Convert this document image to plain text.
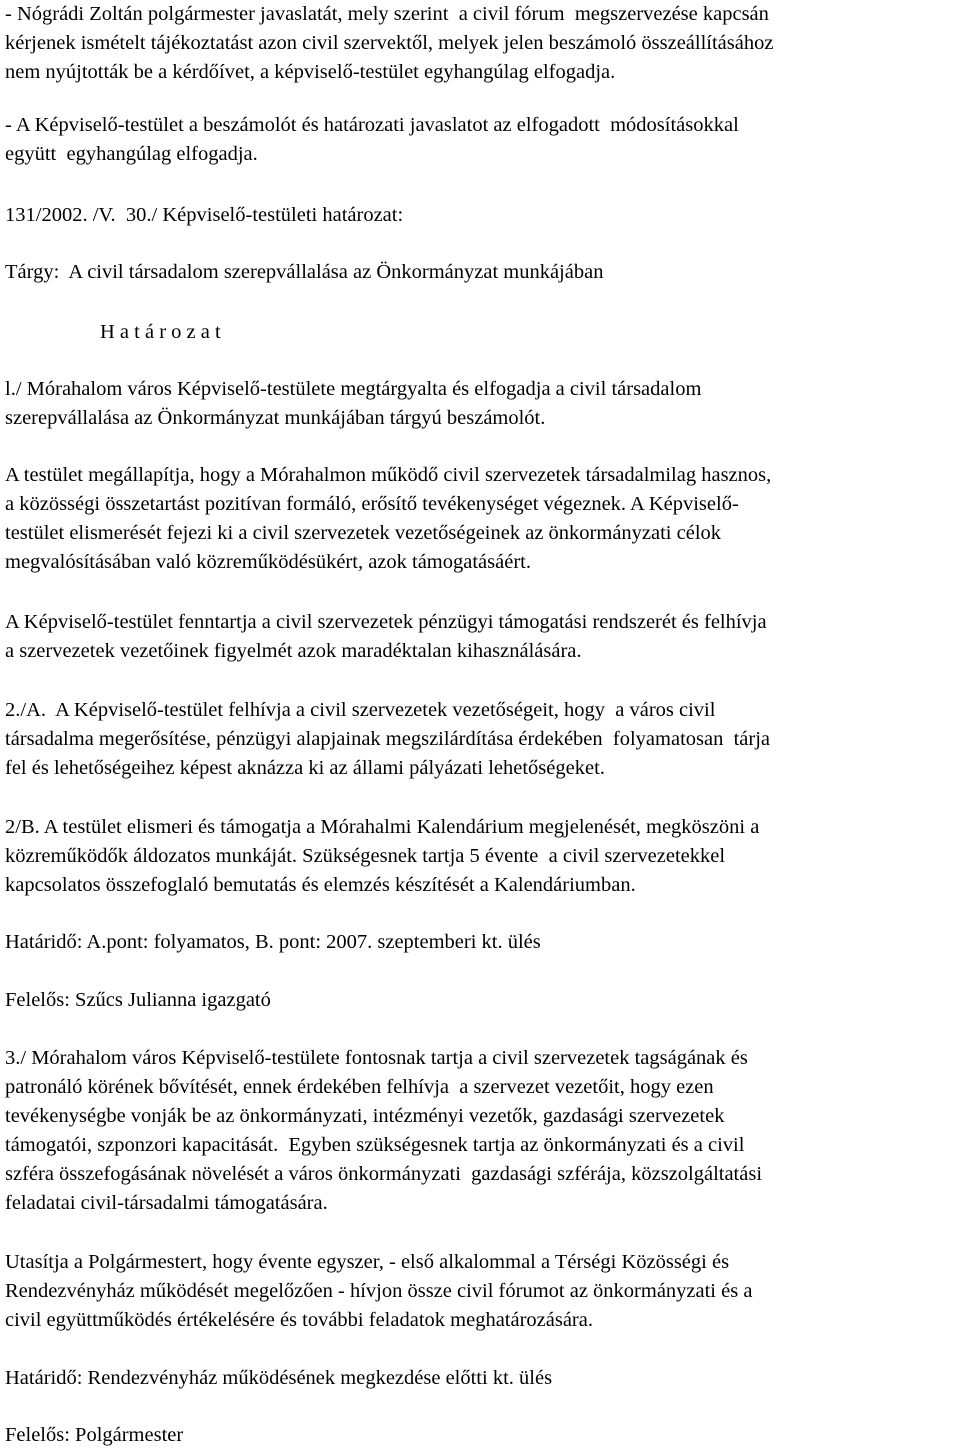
- Nógrádi Zoltán polgármester javaslatát, mely szerint  a civil fórum  megszervezése kapcsán
kérjenek ismételt tájékoztatást azon civil szervektől, melyek jelen beszámoló összeállításához
nem nyújtották be a kérdőívet, a képviselő-testület egyhangúlag elfogadja.

- A Képviselő-testület a beszámolót és határozati javaslatot az elfogadott  módosításokkal
együtt  egyhangúlag elfogadja.

131/2002. /V.  30./ Képviselő-testületi határozat:

Tárgy:  A civil társadalom szerepvállalása az Önkormányzat munkájában

H a t á r o z a t

l./ Mórahalom város Képviselő-testülete megtárgyalta és elfogadja a civil társadalom
szerepvállalása az Önkormányzat munkájában tárgyú beszámolót.

A testület megállapítja, hogy a Mórahalmon működő civil szervezetek társadalmilag hasznos,
a közösségi összetartást pozitívan formáló, erősítő tevékenységet végeznek. A Képviselő-
testület elismerését fejezi ki a civil szervezetek vezetőségeinek az önkormányzati célok
megvalósításában való közreműködésükért, azok támogatásáért.

A Képviselő-testület fenntartja a civil szervezetek pénzügyi támogatási rendszerét és felhívja
a szervezetek vezetőinek figyelmét azok maradéktalan kihasználására.

2./A.  A Képviselő-testület felhívja a civil szervezetek vezetőségeit, hogy  a város civil
társadalma megerősítése, pénzügyi alapjainak megszilárdítása érdekében  folyamatosan  tárja
fel és lehetőségeihez képest aknázza ki az állami pályázati lehetőségeket.

2/B. A testület elismeri és támogatja a Mórahalmi Kalendárium megjelenését, megköszöni a
közreműködők áldozatos munkáját. Szükségesnek tartja 5 évente  a civil szervezetekkel
kapcsolatos összefoglaló bemutatás és elemzés készítését a Kalendáriumban.

Határidő: A.pont: folyamatos, B. pont: 2007. szeptemberi kt. ülés

Felelős: Szűcs Julianna igazgató

3./ Mórahalom város Képviselő-testülete fontosnak tartja a civil szervezetek tagságának és
patronáló körének bővítését, ennek érdekében felhívja  a szervezet vezetőit, hogy ezen
tevékenységbe vonják be az önkormányzati, intézményi vezetők, gazdasági szervezetek
támogatói, szponzori kapacitását.  Egyben szükségesnek tartja az önkormányzati és a civil
szféra összefogásának növelését a város önkormányzati  gazdasági szférája, közszolgáltatási
feladatai civil-társadalmi támogatására.

Utasítja a Polgármestert, hogy évente egyszer, - első alkalommal a Térségi Közösségi és
Rendezvényház működését megelőzően - hívjon össze civil fórumot az önkormányzati és a
civil együttműködés értékelésére és további feladatok meghatározására.

Határidő: Rendezvényház működésének megkezdése előtti kt. ülés

Felelős: Polgármester
